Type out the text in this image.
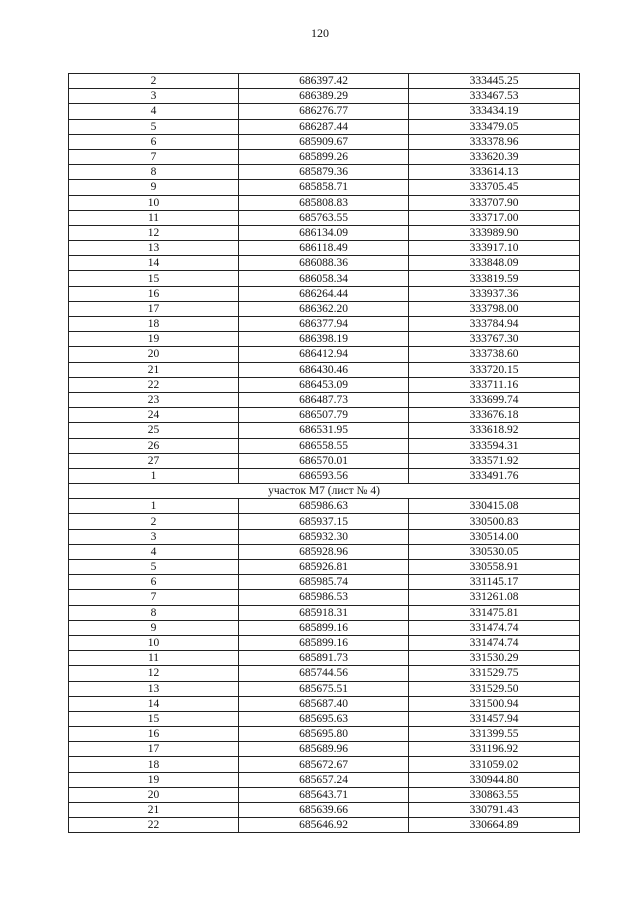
120
2	686397.42	333445.25
3	686389.29	333467.53
4	686276.77	333434.19
5	686287.44	333479.05
6	685909.67	333378.96
7	685899.26	333620.39
8	685879.36	333614.13
9	685858.71	333705.45
10	685808.83	333707.90
11	685763.55	333717.00
12	686134.09	333989.90
13	686118.49	333917.10
14	686088.36	333848.09
15	686058.34	333819.59
16	686264.44	333937.36
17	686362.20	333798.00
18	686377.94	333784.94
19	686398.19	333767.30
20	686412.94	333738.60
21	686430.46	333720.15
22	686453.09	333711.16
23	686487.73	333699.74
24	686507.79	333676.18
25	686531.95	333618.92
26	686558.55	333594.31
27	686570.01	333571.92
1	686593.56	333491.76
участок М7 (лист № 4)		
1	685986.63	330415.08
2	685937.15	330500.83
3	685932.30	330514.00
4	685928.96	330530.05
5	685926.81	330558.91
6	685985.74	331145.17
7	685986.53	331261.08
8	685918.31	331475.81
9	685899.16	331474.74
10	685899.16	331474.74
11	685891.73	331530.29
12	685744.56	331529.75
13	685675.51	331529.50
14	685687.40	331500.94
15	685695.63	331457.94
16	685695.80	331399.55
17	685689.96	331196.92
18	685672.67	331059.02
19	685657.24	330944.80
20	685643.71	330863.55
21	685639.66	330791.43
22	685646.92	330664.89
